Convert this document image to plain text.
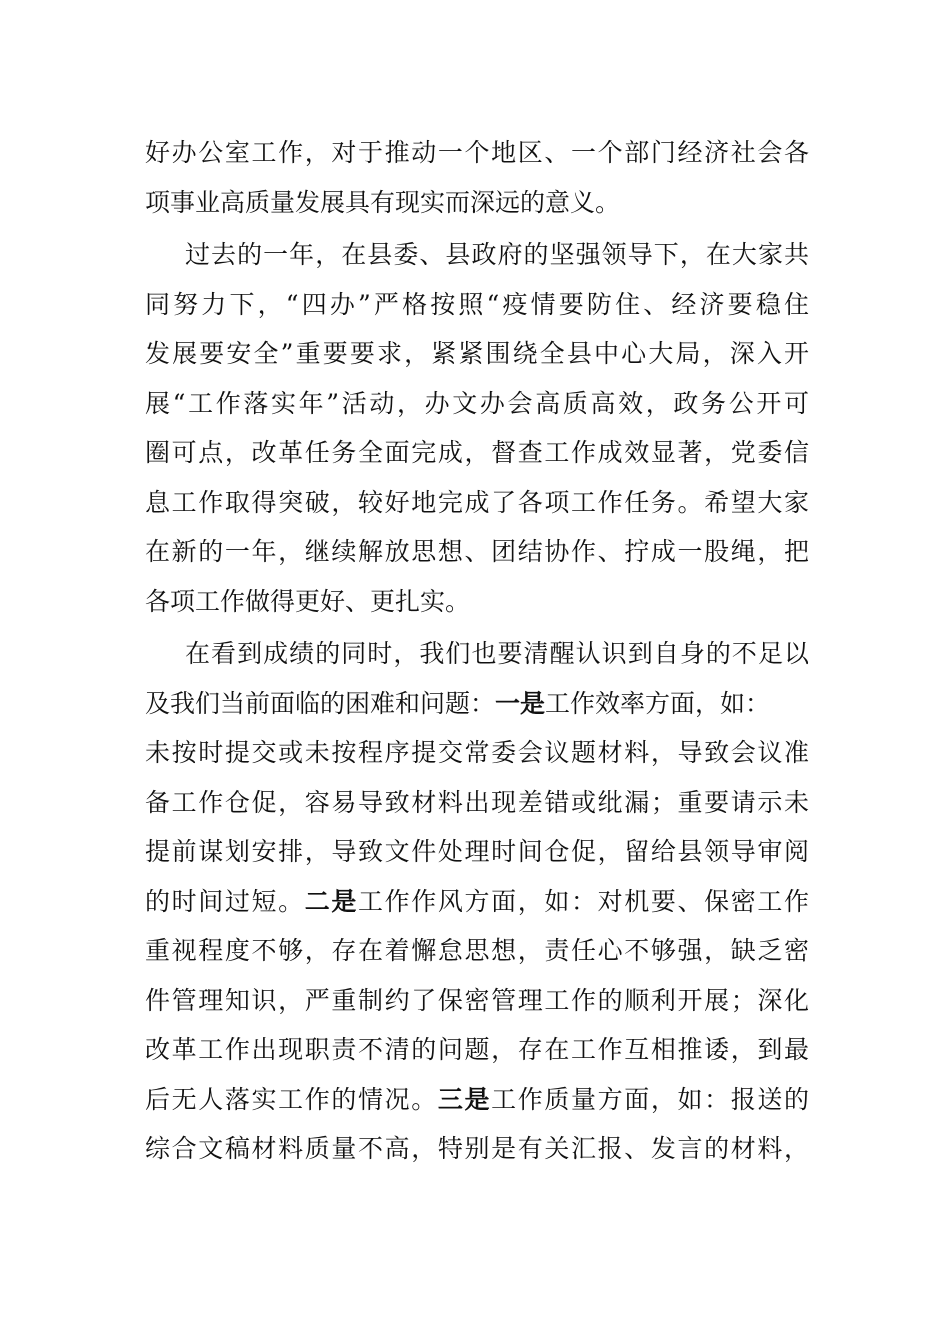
好办公室工作，对于推动一个地区、一个部门经济社会各
项事业高质量发展具有现实而深远的意义。
过去的一年，在县委、县政府的坚强领导下，在大家共
同努力下，“四办”严格按照“疫情要防住、经济要稳住
发展要安全”重要要求，紧紧围绕全县中心大局，深入开
展“工作落实年”活动，办文办会高质高效，政务公开可
圈可点，改革任务全面完成，督查工作成效显著，党委信
息工作取得突破，较好地完成了各项工作任务。希望大家
在新的一年，继续解放思想、团结协作、拧成一股绳，把
各项工作做得更好、更扎实。
在看到成绩的同时，我们也要清醒认识到自身的不足以
及我们当前面临的困难和问题：一是工作效率方面，如：
未按时提交或未按程序提交常委会议题材料，导致会议准
备工作仓促，容易导致材料出现差错或纰漏；重要请示未
提前谋划安排，导致文件处理时间仓促，留给县领导审阅
的时间过短。二是工作作风方面，如：对机要、保密工作
重视程度不够，存在着懈怠思想，责任心不够强，缺乏密
件管理知识，严重制约了保密管理工作的顺利开展；深化
改革工作出现职责不清的问题，存在工作互相推诿，到最
后无人落实工作的情况。三是工作质量方面，如：报送的
综合文稿材料质量不高，特别是有关汇报、发言的材料，
